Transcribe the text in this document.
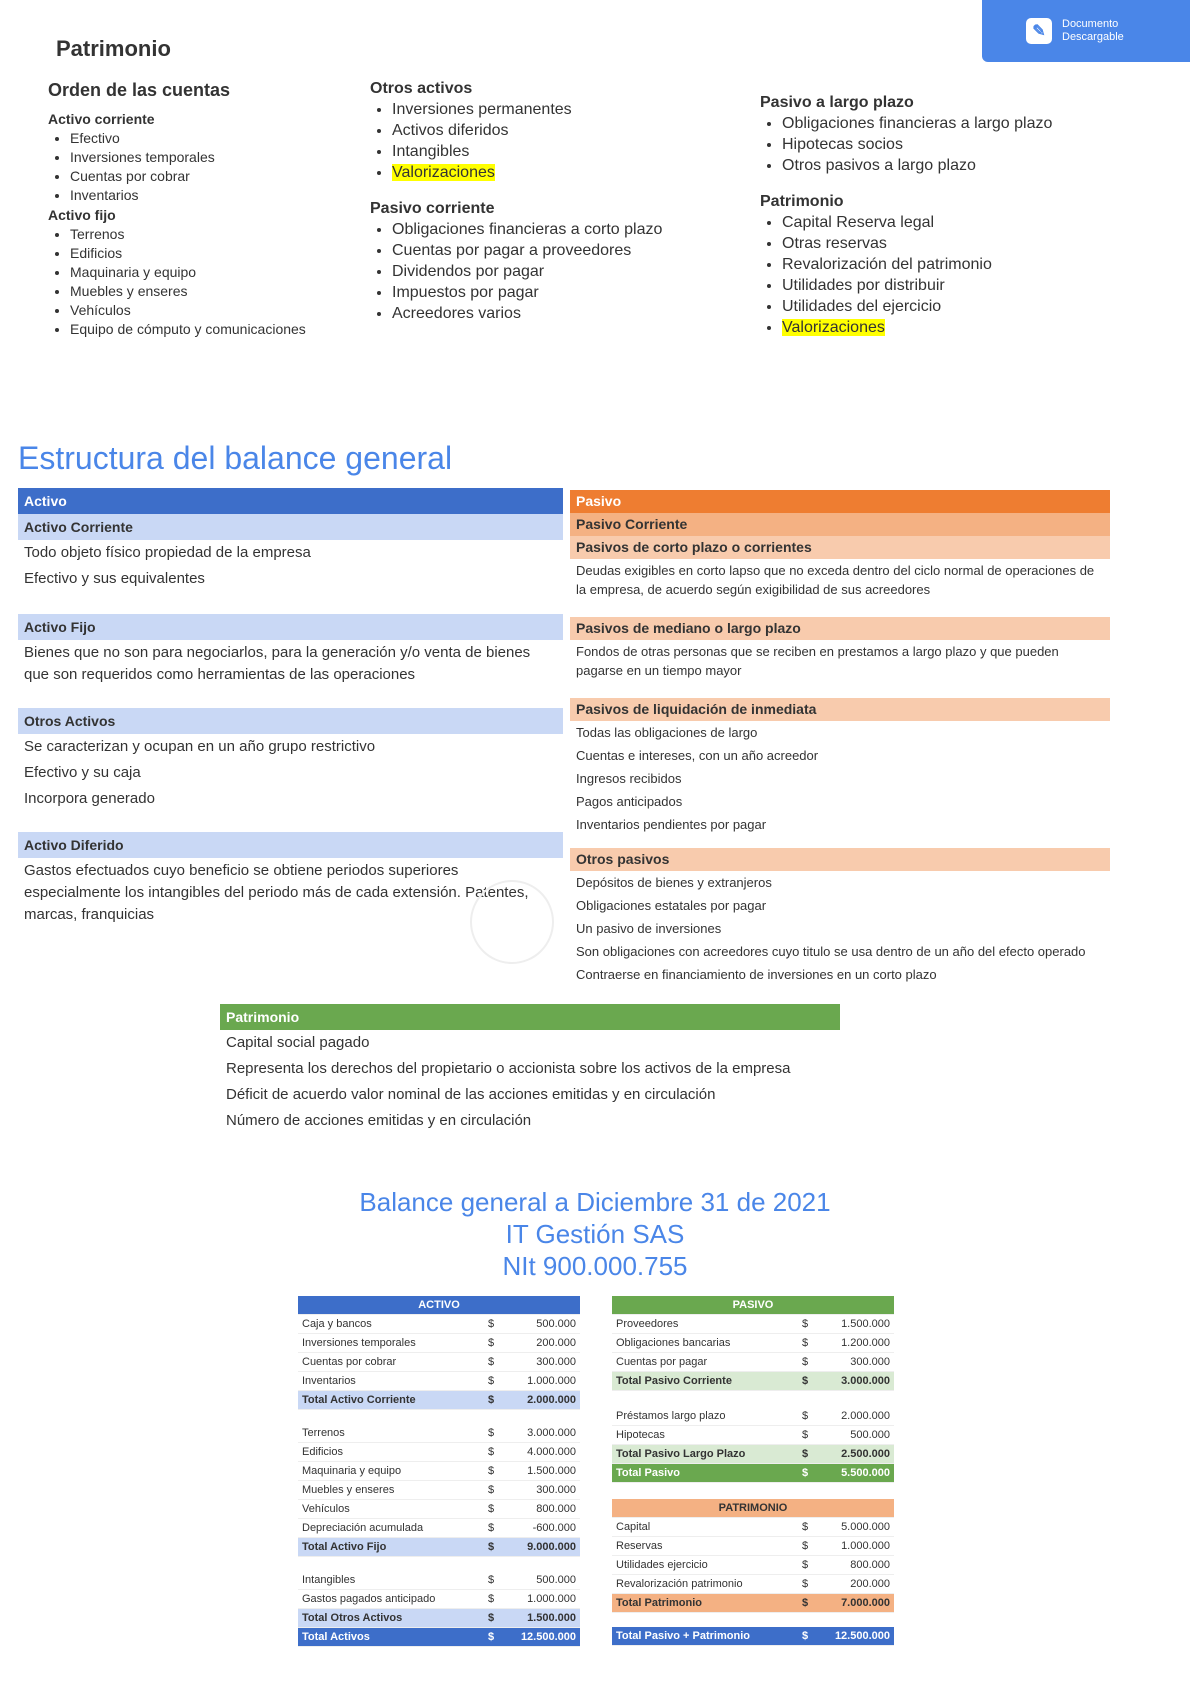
✎	Documento
Descargable
Patrimonio
Orden de las cuentas
Activo corriente
• Efectivo
• Inversiones temporales
• Cuentas por cobrar
• Inventarios
Activo fijo
• Terrenos
• Edificios
• Maquinaria y equipo
• Muebles y enseres
• Vehículos
• Equipo de cómputo y comunicaciones
Otros activos
• Inversiones permanentes
• Activos diferidos
• Intangibles
• Valorizaciones
Pasivo corriente
• Obligaciones financieras a corto plazo
• Cuentas por pagar a proveedores
• Dividendos por pagar
• Impuestos por pagar
• Acreedores varios
Pasivo a largo plazo
• Obligaciones financieras a largo plazo
• Hipotecas socios
• Otros pasivos a largo plazo
Patrimonio
• Capital Reserva legal
• Otras reservas
• Revalorización del patrimonio
• Utilidades por distribuir
• Utilidades del ejercicio
• Valorizaciones
Estructura del balance general
Activo
Activo Corriente
Todo objeto físico propiedad de la empresa
Efectivo y sus equivalentes
Activo Fijo
Bienes que no son para negociarlos, para la generación y/o venta de bienes que son requeridos como herramientas de las operaciones
Otros Activos
Se caracterizan y ocupan en un año grupo restrictivo
Efectivo y su caja
Incorpora generado
Activo Diferido
Gastos efectuados cuyo beneficio se obtiene periodos superiores especialmente los intangibles del periodo más de cada extensión. Patentes, marcas, franquicias
Pasivo
Pasivo Corriente
Pasivos de corto plazo o corrientes
Deudas exigibles en corto lapso que no exceda dentro del ciclo normal de operaciones de la empresa, de acuerdo según exigibilidad de sus acreedores
Pasivos de mediano o largo plazo
Fondos de otras personas que se reciben en prestamos a largo plazo y que pueden pagarse en un tiempo mayor
Pasivos de liquidación de inmediata
Todas las obligaciones de largo
Cuentas e intereses, con un año acreedor
Ingresos recibidos
Pagos anticipados
Inventarios pendientes por pagar
Otros pasivos
Depósitos de bienes y extranjeros
Obligaciones estatales por pagar
Un pasivo de inversiones
Son obligaciones con acreedores cuyo titulo se usa dentro de un año del efecto operado
Contraerse en financiamiento de inversiones en un corto plazo
Patrimonio
Capital social pagado
Representa los derechos del propietario o accionista sobre los activos de la empresa
Déficit de acuerdo valor nominal de las acciones emitidas y en circulación
Número de acciones emitidas y en circulación
Balance general a Diciembre 31 de 2021
IT Gestión SAS
NIt 900.000.755
ACTIVO		
Caja y bancos	$	500.000
Inversiones temporales	$	200.000
Cuentas por cobrar	$	300.000
Inventarios	$	1.000.000
Total Activo Corriente	$	2.000.000

Terrenos	$	3.000.000
Edificios	$	4.000.000
Maquinaria y equipo	$	1.500.000
Muebles y enseres	$	300.000
Vehículos	$	800.000
Depreciación acumulada	$	-600.000
Total Activo Fijo	$	9.000.000

Intangibles	$	500.000
Gastos pagados anticipado	$	1.000.000
Total Otros Activos	$	1.500.000
Total Activos	$	12.500.000
PASIVO		
Proveedores	$	1.500.000
Obligaciones bancarias	$	1.200.000
Cuentas por pagar	$	300.000
Total Pasivo Corriente	$	3.000.000

Préstamos largo plazo	$	2.000.000
Hipotecas	$	500.000
Total Pasivo Largo Plazo	$	2.500.000
Total Pasivo	$	5.500.000

PATRIMONIO		
Capital	$	5.000.000
Reservas	$	1.000.000
Utilidades ejercicio	$	800.000
Revalorización patrimonio	$	200.000
Total Patrimonio	$	7.000.000

Total Pasivo + Patrimonio	$	12.500.000
